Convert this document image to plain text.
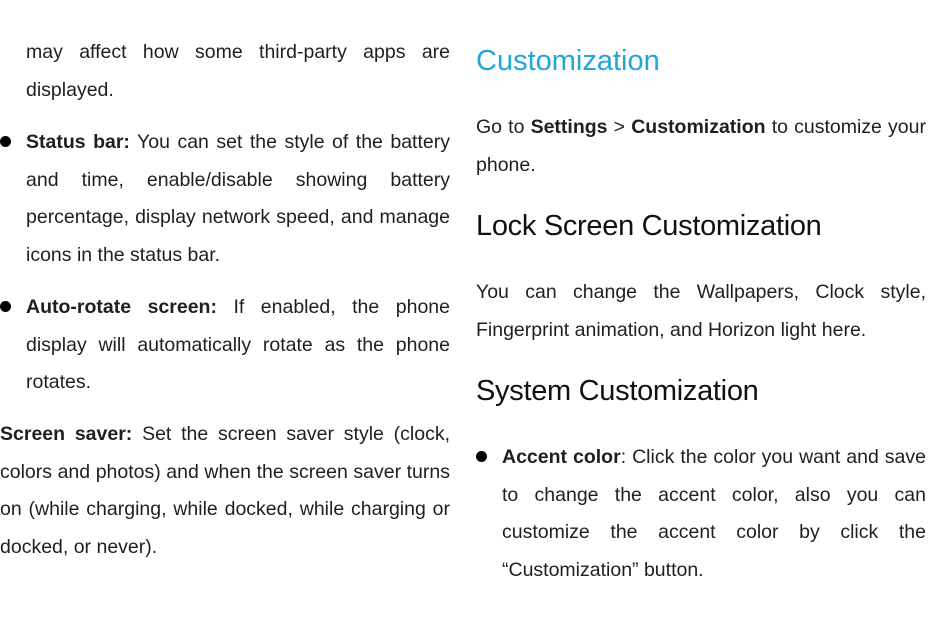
may affect how some third-party apps are displayed.

Status bar: You can set the style of the battery and time, enable/disable showing battery percentage, display network speed, and manage icons in the status bar.

Auto-rotate screen: If enabled, the phone display will automatically rotate as the phone rotates.

Screen saver: Set the screen saver style (clock, colors and photos) and when the screen saver turns on (while charging, while docked, while charging or docked, or never).

Customization

Go to Settings > Customization to customize your phone.

Lock Screen Customization

You can change the Wallpapers, Clock style, Fingerprint animation, and Horizon light here.

System Customization

Accent color: Click the color you want and save to change the accent color, also you can customize the accent color by click the “Customization” button.
